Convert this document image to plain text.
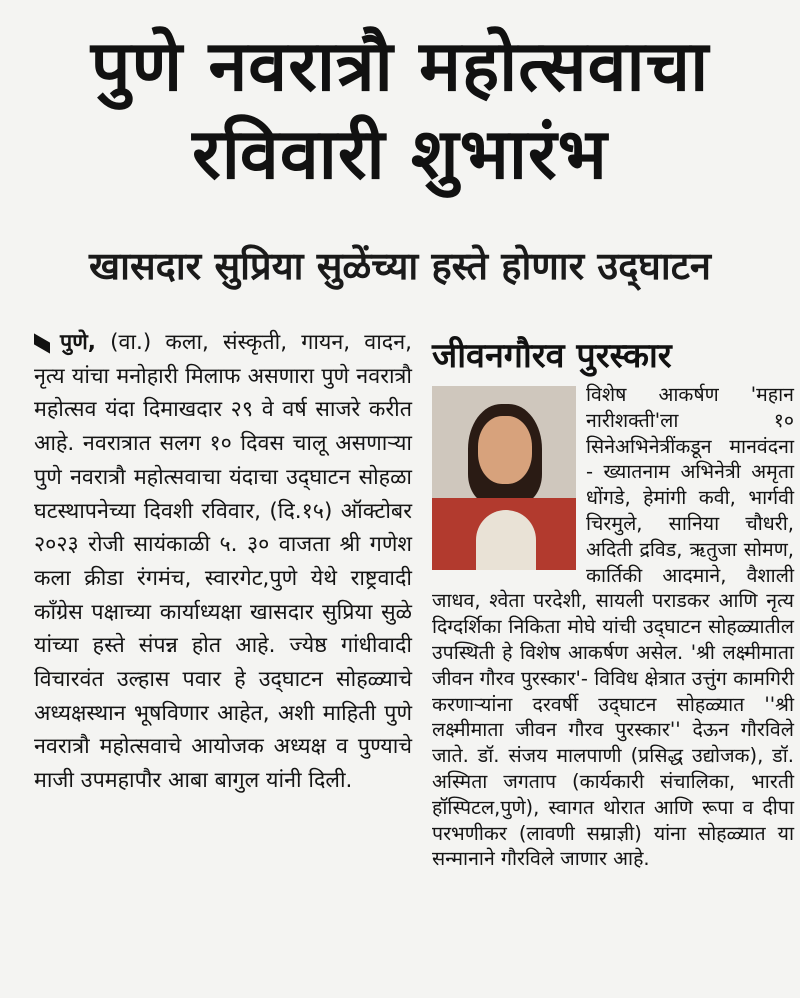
पुणे नवरात्रौ महोत्सवाचा
रविवारी शुभारंभ
खासदार सुप्रिया सुळेंच्या हस्ते होणार उद्‌घाटन

पुणे, (वा.) कला, संस्कृती, गायन, वादन, नृत्य यांचा मनोहारी मिलाफ असणारा पुणे नवरात्रौ महोत्सव यंदा दिमाखदार २९ वे वर्ष साजरे करीत आहे. नवरात्रात सलग १० दिवस चालू असणाऱ्या पुणे नवरात्रौ महोत्सवाचा यंदाचा उद्‌घाटन सोहळा घटस्थापनेच्या दिवशी रविवार, (दि.१५) ऑक्टोबर २०२३ रोजी सायंकाळी ५. ३० वाजता श्री गणेश कला क्रीडा रंगमंच, स्वारगेट,पुणे येथे राष्ट्रवादी काँग्रेस पक्षाच्या कार्याध्यक्षा खासदार सुप्रिया सुळे यांच्या हस्ते संपन्न होत आहे. ज्येष्ठ गांधीवादी विचारवंत उल्हास पवार हे उद्‌घाटन सोहळ्याचे अध्यक्षस्थान भूषविणार आहेत, अशी माहिती पुणे नवरात्रौ महोत्सवाचे आयोजक अध्यक्ष व पुण्याचे माजी उपमहापौर आबा बागुल यांनी दिली.

जीवनगौरव पुरस्कार

विशेष आकर्षण 'महान नारीशक्ती'ला १० सिनेअभिनेत्रींकडून मानवंदना - ख्यातनाम अभिनेत्री अमृता धोंगडे, हेमांगी कवी, भार्गवी चिरमुले, सानिया चौधरी, अदिती द्रविड, ऋतुजा सोमण, कार्तिकी आदमाने, वैशाली जाधव, श्वेता परदेशी, सायली पराडकर आणि नृत्य दिग्दर्शिका निकिता मोघे यांची उद्‌घाटन सोहळ्यातील उपस्थिती हे विशेष आकर्षण असेल. 'श्री लक्ष्मीमाता जीवन गौरव पुरस्कार'- विविध क्षेत्रात उत्तुंग कामगिरी करणाऱ्यांना दरवर्षी उद्‌घाटन सोहळ्यात ''श्री लक्ष्मीमाता जीवन गौरव पुरस्कार'' देऊन गौरविले जाते. डॉ. संजय मालपाणी (प्रसिद्ध उद्योजक), डॉ. अस्मिता जगताप (कार्यकारी संचालिका, भारती हॉस्पिटल,पुणे), स्वागत थोरात आणि रूपा व दीपा परभणीकर (लावणी सम्राज्ञी) यांना सोहळ्यात या सन्मानाने गौरविले जाणार आहे.
